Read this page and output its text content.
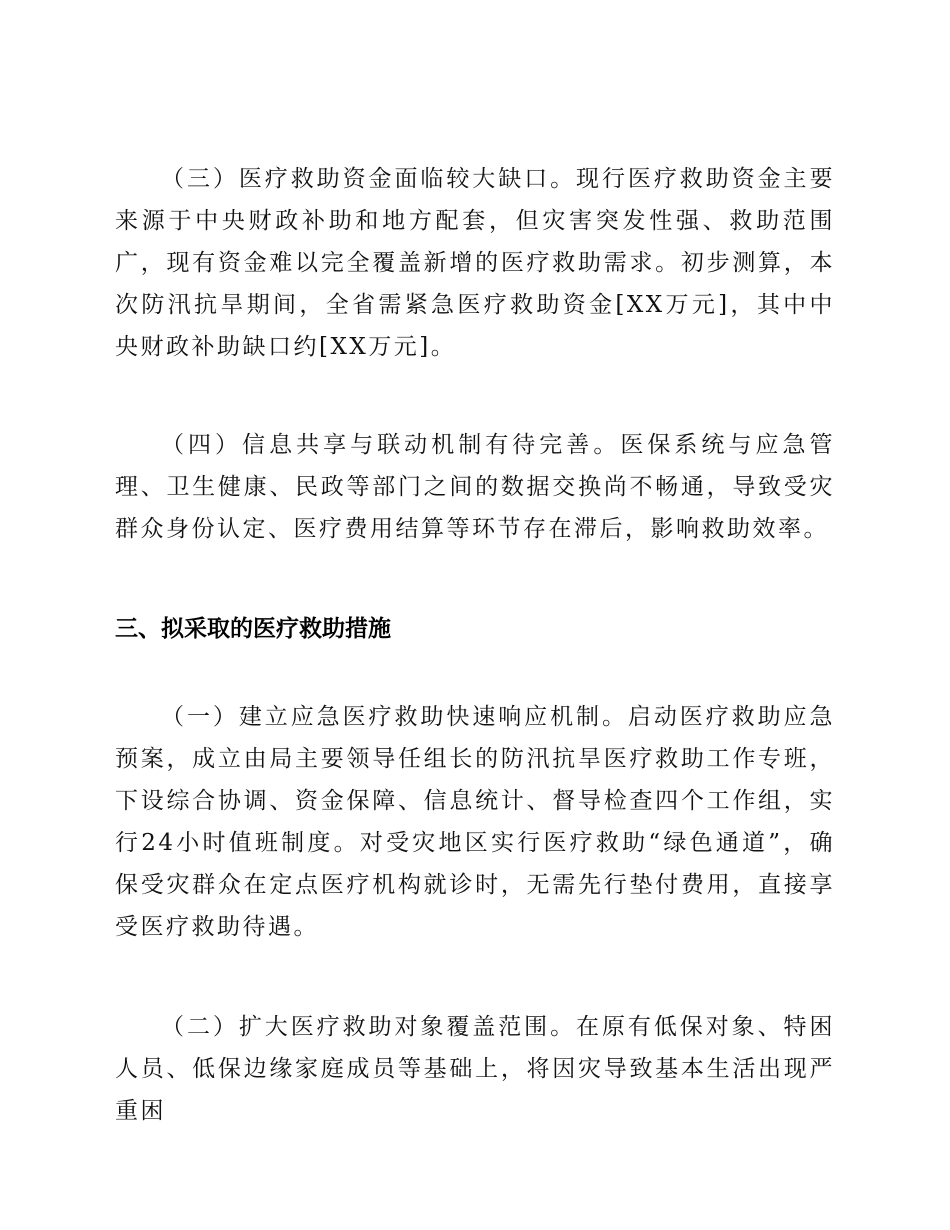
（三）医疗救助资金面临较大缺口。现行医疗救助资金主要来源于中央财政补助和地方配套，但灾害突发性强、救助范围广，现有资金难以完全覆盖新增的医疗救助需求。初步测算，本次防汛抗旱期间，全省需紧急医疗救助资金[XX万元]，其中中央财政补助缺口约[XX万元]。

（四）信息共享与联动机制有待完善。医保系统与应急管理、卫生健康、民政等部门之间的数据交换尚不畅通，导致受灾群众身份认定、医疗费用结算等环节存在滞后，影响救助效率。

三、拟采取的医疗救助措施

（一）建立应急医疗救助快速响应机制。启动医疗救助应急预案，成立由局主要领导任组长的防汛抗旱医疗救助工作专班，下设综合协调、资金保障、信息统计、督导检查四个工作组，实行24小时值班制度。对受灾地区实行医疗救助“绿色通道”，确保受灾群众在定点医疗机构就诊时，无需先行垫付费用，直接享受医疗救助待遇。

（二）扩大医疗救助对象覆盖范围。在原有低保对象、特困人员、低保边缘家庭成员等基础上，将因灾导致基本生活出现严重困
